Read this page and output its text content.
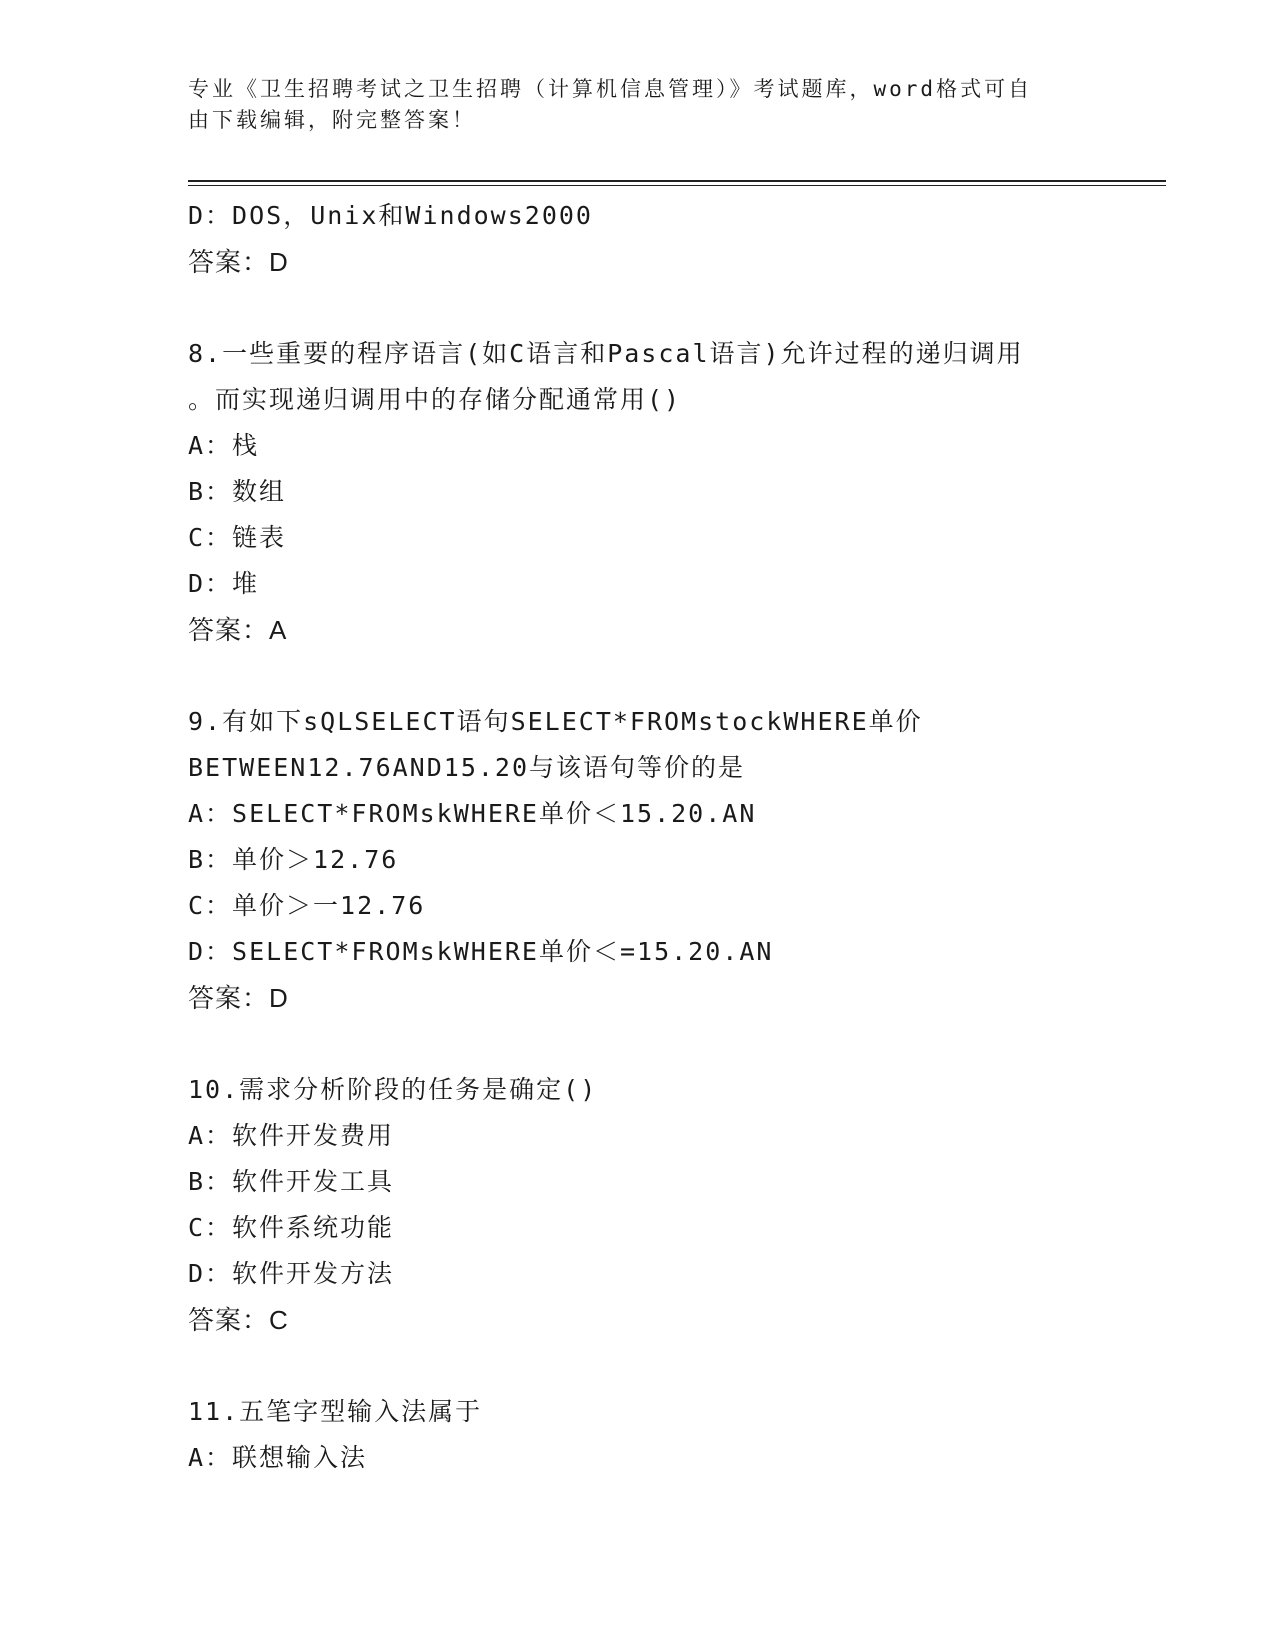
专业《卫生招聘考试之卫生招聘（计算机信息管理）》考试题库，word格式可自
由下载编辑，附完整答案！
D：DOS，Unix和Windows2000
答案：D
8.一些重要的程序语言(如C语言和Pascal语言)允许过程的递归调用
。而实现递归调用中的存储分配通常用()
A：栈
B：数组
C：链表
D：堆
答案：A
9.有如下sQLSELECT语句SELECT*FROMstockWHERE单价
BETWEEN12.76AND15.20与该语句等价的是
A：SELECT*FROMskWHERE单价＜15.20.AN
B：单价＞12.76
C：单价＞一12.76
D：SELECT*FROMskWHERE单价＜=15.20.AN
答案：D
10.需求分析阶段的任务是确定()
A：软件开发费用
B：软件开发工具
C：软件系统功能
D：软件开发方法
答案：C
11.五笔字型输入法属于
A：联想输入法
